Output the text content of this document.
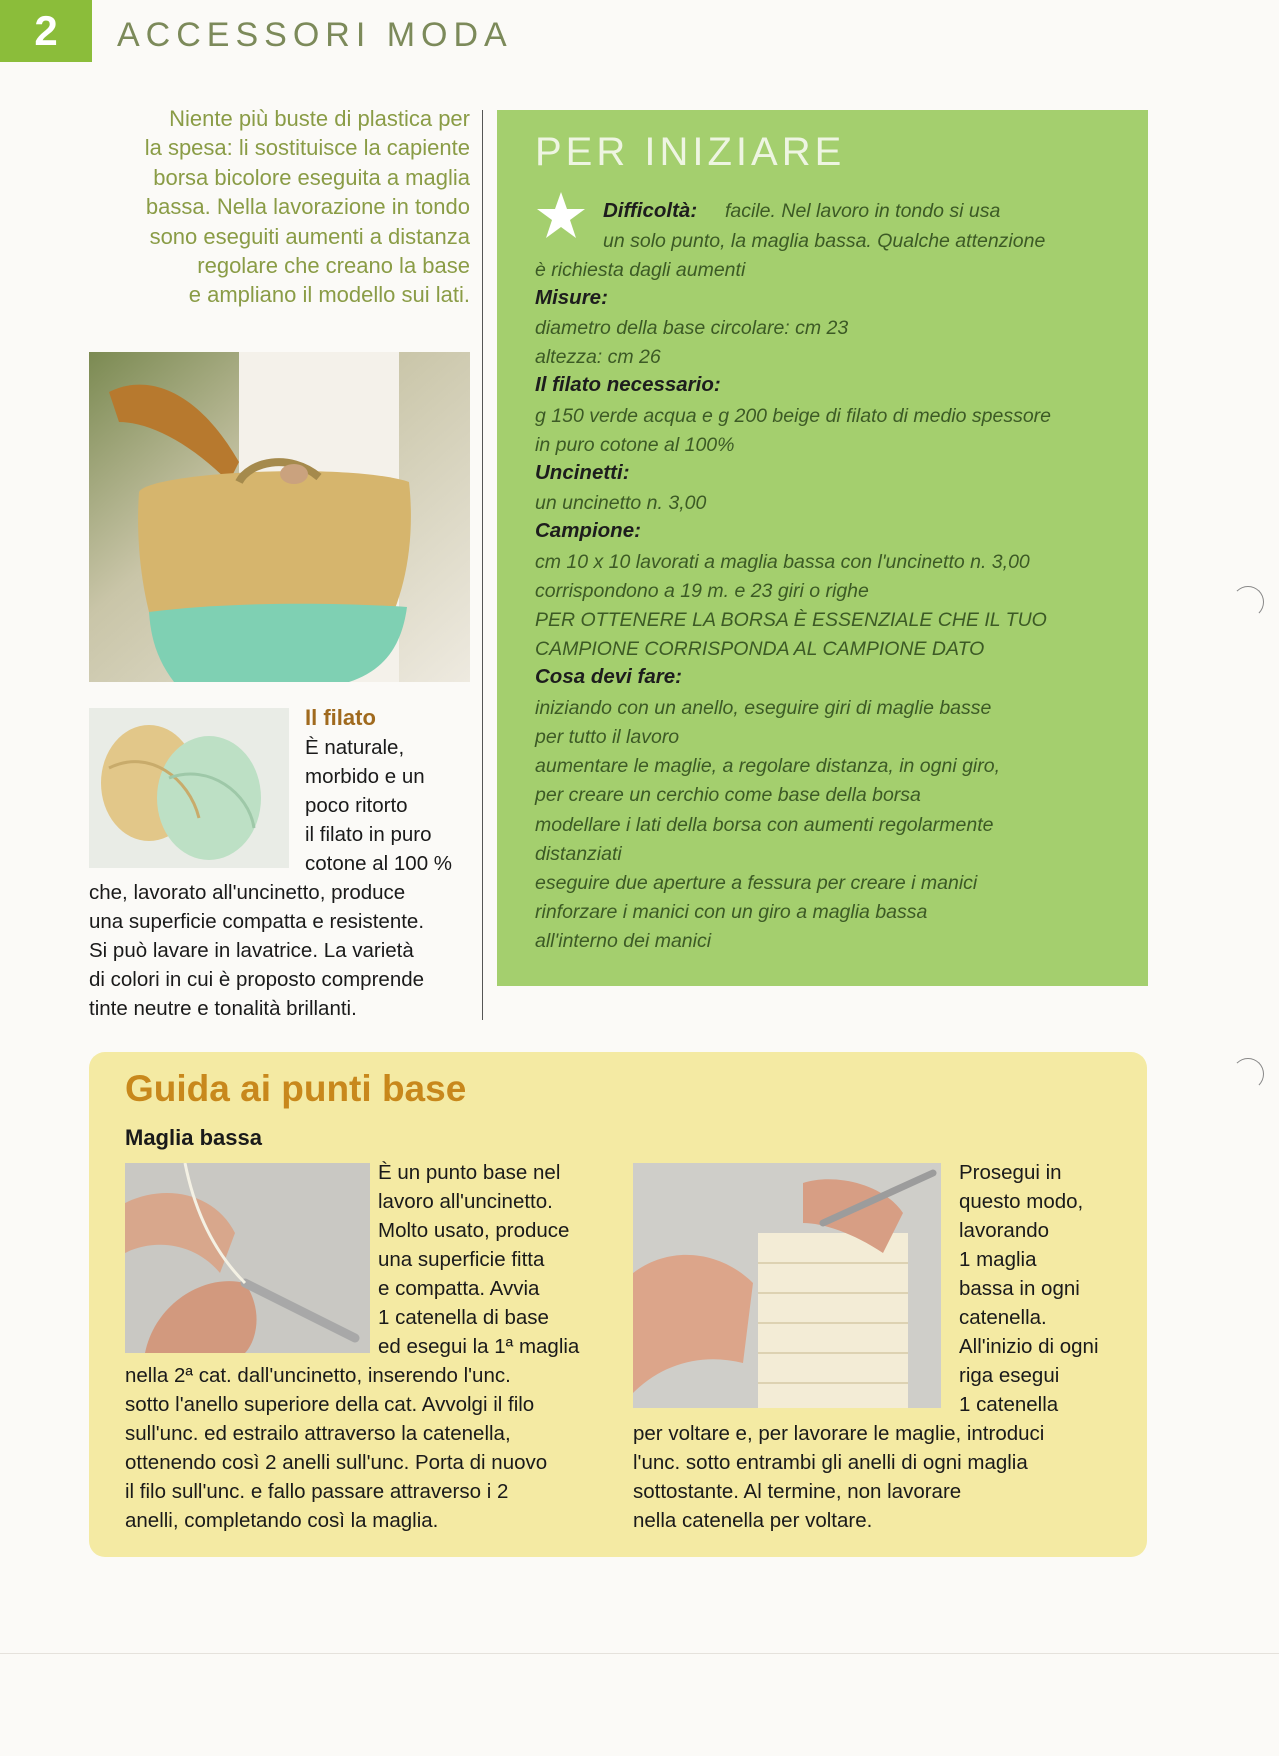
2 ACCESSORI MODA
Niente più buste di plastica per
la spesa: li sostituisce la capiente
borsa bicolore eseguita a maglia
bassa. Nella lavorazione in tondo
sono eseguiti aumenti a distanza
regolare che creano la base
e ampliano il modello sui lati.
Il filato
È naturale,
morbido e un
poco ritorto
il filato in puro
cotone al 100 %
che, lavorato all'uncinetto, produce
una superficie compatta e resistente.
Si può lavare in lavatrice. La varietà
di colori in cui è proposto comprende
tinte neutre e tonalità brillanti.
PER INIZIARE
Difficoltà: facile. Nel lavoro in tondo si usa
un solo punto, la maglia bassa. Qualche attenzione
è richiesta dagli aumenti
Misure:
diametro della base circolare: cm 23
altezza: cm 26
Il filato necessario:
g 150 verde acqua e g 200 beige di filato di medio spessore
in puro cotone al 100%
Uncinetti:
un uncinetto n. 3,00
Campione:
cm 10 x 10 lavorati a maglia bassa con l'uncinetto n. 3,00
corrispondono a 19 m. e 23 giri o righe
PER OTTENERE LA BORSA È ESSENZIALE CHE IL TUO
CAMPIONE CORRISPONDA AL CAMPIONE DATO
Cosa devi fare:
iniziando con un anello, eseguire giri di maglie basse
per tutto il lavoro
aumentare le maglie, a regolare distanza, in ogni giro,
per creare un cerchio come base della borsa
modellare i lati della borsa con aumenti regolarmente
distanziati
eseguire due aperture a fessura per creare i manici
rinforzare i manici con un giro a maglia bassa
all'interno dei manici
Guida ai punti base
Maglia bassa
È un punto base nel
lavoro all'uncinetto.
Molto usato, produce
una superficie fitta
e compatta. Avvia
1 catenella di base
ed esegui la 1ª maglia
nella 2ª cat. dall'uncinetto, inserendo l'unc.
sotto l'anello superiore della cat. Avvolgi il filo
sull'unc. ed estrailo attraverso la catenella,
ottenendo così 2 anelli sull'unc. Porta di nuovo
il filo sull'unc. e fallo passare attraverso i 2
anelli, completando così la maglia.
Prosegui in
questo modo,
lavorando
1 maglia
bassa in ogni
catenella.
All'inizio di ogni
riga esegui
1 catenella
per voltare e, per lavorare le maglie, introduci
l'unc. sotto entrambi gli anelli di ogni maglia
sottostante. Al termine, non lavorare
nella catenella per voltare.
